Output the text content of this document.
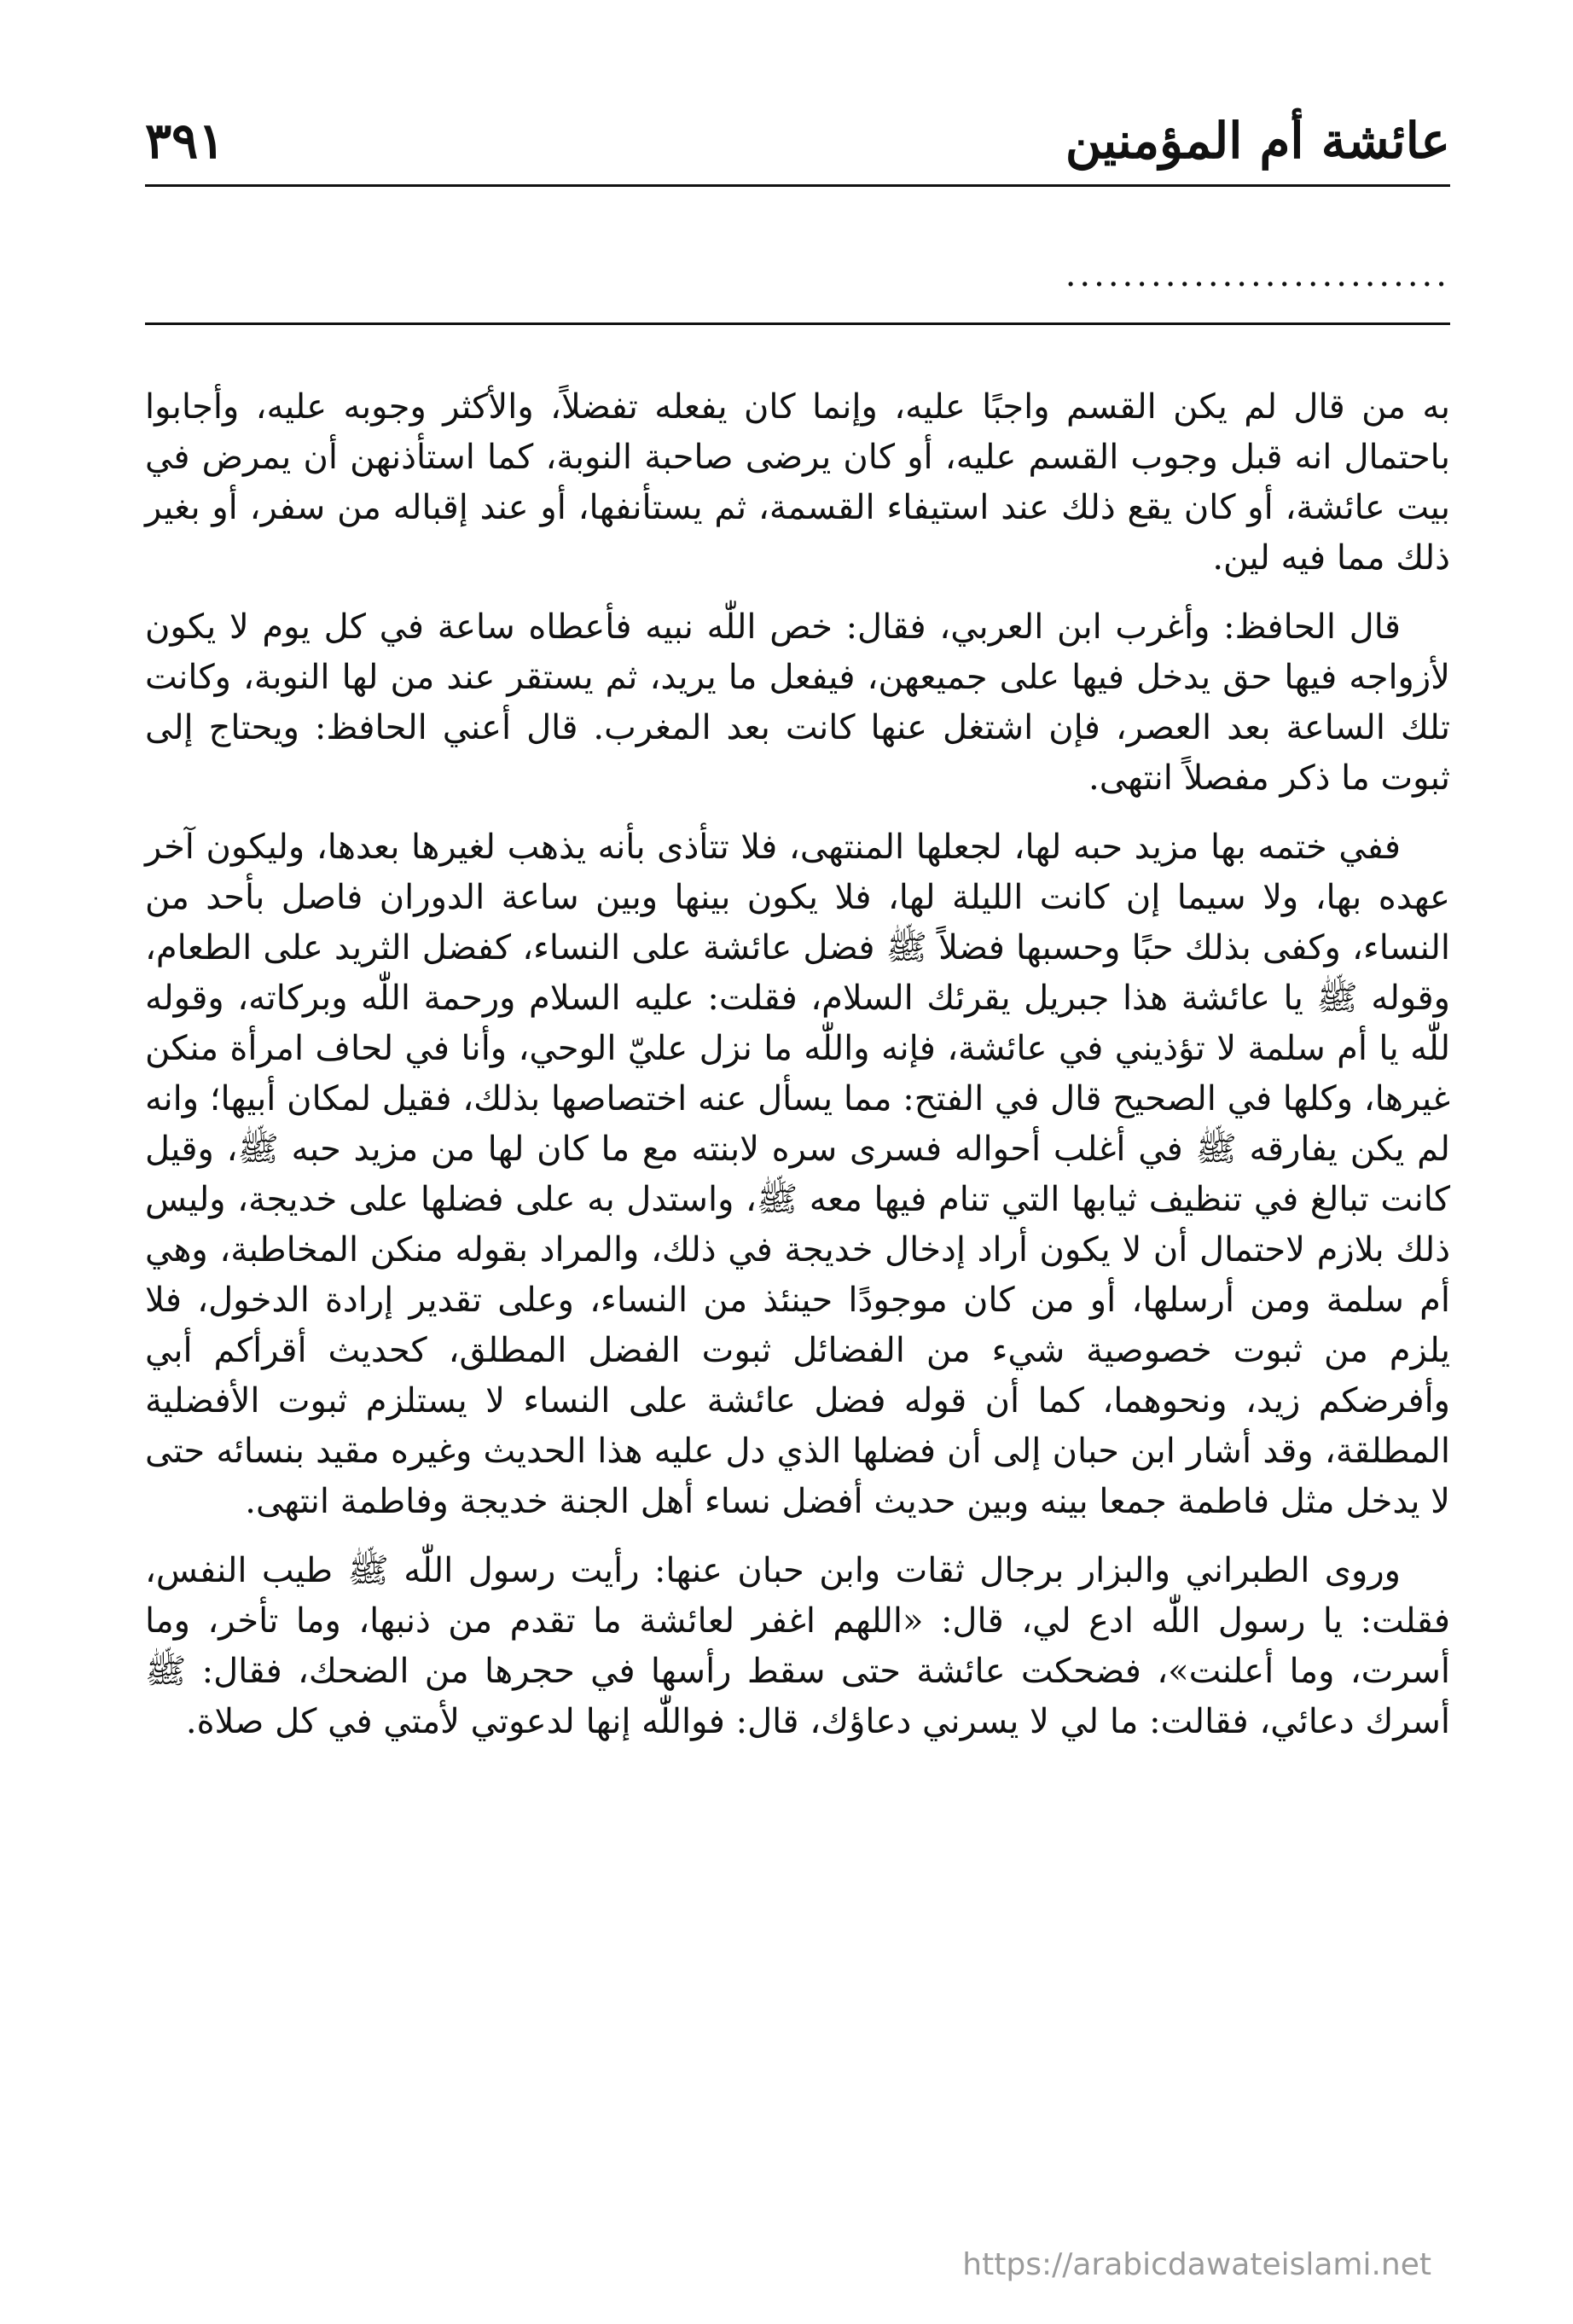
عائشة أم المؤمنين
٣٩١
...........................

به من قال لم يكن القسم واجبًا عليه، وإنما كان يفعله تفضلاً، والأكثر وجوبه عليه، وأجابوا باحتمال انه قبل وجوب القسم عليه، أو كان يرضى صاحبة النوبة، كما استأذنهن أن يمرض في بيت عائشة، أو كان يقع ذلك عند استيفاء القسمة، ثم يستأنفها، أو عند إقباله من سفر، أو بغير ذلك مما فيه لين.

قال الحافظ: وأغرب ابن العربي، فقال: خص اللّٰه نبيه فأعطاه ساعة في كل يوم لا يكون لأزواجه فيها حق يدخل فيها على جميعهن، فيفعل ما يريد، ثم يستقر عند من لها النوبة، وكانت تلك الساعة بعد العصر، فإن اشتغل عنها كانت بعد المغرب. قال أعني الحافظ: ويحتاج إلى ثبوت ما ذكر مفصلاً انتهى.

ففي ختمه بها مزيد حبه لها، لجعلها المنتهى، فلا تتأذى بأنه يذهب لغيرها بعدها، وليكون آخر عهده بها، ولا سيما إن كانت الليلة لها، فلا يكون بينها وبين ساعة الدوران فاصل بأحد من النساء، وكفى بذلك حبًا وحسبها فضلاً ﷺ فضل عائشة على النساء، كفضل الثريد على الطعام، وقوله ﷺ يا عائشة هذا جبريل يقرئك السلام، فقلت: عليه السلام ورحمة اللّٰه وبركاته، وقوله للّٰه يا أم سلمة لا تؤذيني في عائشة، فإنه واللّٰه ما نزل عليّ الوحي، وأنا في لحاف امرأة منكن غيرها، وكلها في الصحيح قال في الفتح: مما يسأل عنه اختصاصها بذلك، فقيل لمكان أبيها؛ وانه لم يكن يفارقه ﷺ في أغلب أحواله فسرى سره لابنته مع ما كان لها من مزيد حبه ﷺ، وقيل كانت تبالغ في تنظيف ثيابها التي تنام فيها معه ﷺ، واستدل به على فضلها على خديجة، وليس ذلك بلازم لاحتمال أن لا يكون أراد إدخال خديجة في ذلك، والمراد بقوله منكن المخاطبة، وهي أم سلمة ومن أرسلها، أو من كان موجودًا حينئذ من النساء، وعلى تقدير إرادة الدخول، فلا يلزم من ثبوت خصوصية شيء من الفضائل ثبوت الفضل المطلق، كحديث أقرأكم أبي وأفرضكم زيد، ونحوهما، كما أن قوله فضل عائشة على النساء لا يستلزم ثبوت الأفضلية المطلقة، وقد أشار ابن حبان إلى أن فضلها الذي دل عليه هذا الحديث وغيره مقيد بنسائه حتى لا يدخل مثل فاطمة جمعا بينه وبين حديث أفضل نساء أهل الجنة خديجة وفاطمة انتهى.

وروى الطبراني والبزار برجال ثقات وابن حبان عنها: رأيت رسول اللّٰه ﷺ طيب النفس، فقلت: يا رسول اللّٰه ادع لي، قال: «اللهم اغفر لعائشة ما تقدم من ذنبها، وما تأخر، وما أسرت، وما أعلنت»، فضحكت عائشة حتى سقط رأسها في حجرها من الضحك، فقال: ﷺ أسرك دعائي، فقالت: ما لي لا يسرني دعاؤك، قال: فواللّٰه إنها لدعوتي لأمتي في كل صلاة.

https://arabicdawateislami.net
